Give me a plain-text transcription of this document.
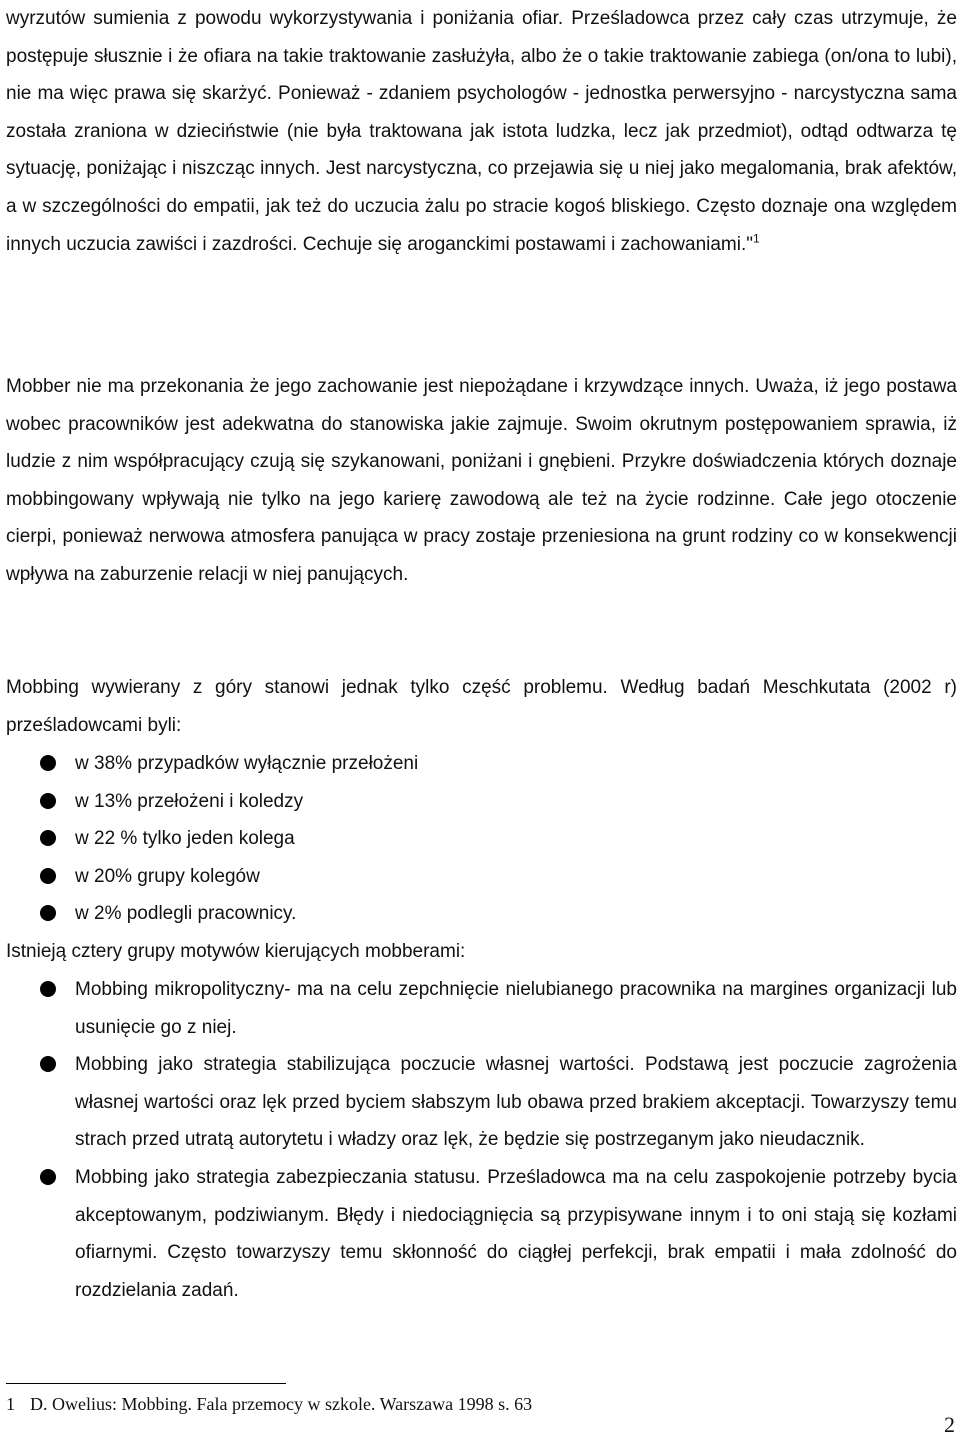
wyrzutów sumienia z powodu wykorzystywania i poniżania ofiar. Prześladowca przez cały czas utrzymuje, że postępuje słusznie i że ofiara na takie traktowanie zasłużyła, albo że o takie traktowanie zabiega (on/ona to lubi), nie ma więc prawa się skarżyć. Ponieważ - zdaniem psychologów - jednostka perwersyjno - narcystyczna sama została zraniona w dzieciństwie (nie była traktowana jak istota ludzka, lecz jak przedmiot), odtąd odtwarza tę sytuację, poniżając i niszcząc innych. Jest narcystyczna, co przejawia się u niej jako megalomania, brak afektów, a w szczególności do empatii, jak też do uczucia żalu po stracie kogoś bliskiego. Często doznaje ona względem innych uczucia zawiści i zazdrości. Cechuje się aroganckimi postawami i zachowaniami."$^1$

Mobber nie ma przekonania że jego zachowanie jest niepożądane i krzywdzące innych. Uważa, iż jego postawa wobec pracowników jest adekwatna do stanowiska jakie zajmuje. Swoim okrutnym postępowaniem sprawia, iż ludzie z nim współpracujący czują się szykanowani, poniżani i gnębieni. Przykre doświadczenia których doznaje mobbingowany wpływają nie tylko na jego karierę zawodową ale też na życie rodzinne. Całe jego otoczenie cierpi, ponieważ nerwowa atmosfera panująca w pracy zostaje przeniesiona na grunt rodziny co w konsekwencji wpływa na zaburzenie relacji w niej panujących.

Mobbing wywierany z góry stanowi jednak tylko część problemu. Według badań Meschkutata (2002 r) prześladowcami byli:

w 38% przypadków wyłącznie przełożeni
w 13% przełożeni i koledzy
w 22 % tylko jeden kolega
w 20% grupy kolegów
w 2% podlegli pracownicy.

Istnieją cztery grupy motywów kierujących mobberami:

Mobbing mikropolityczny- ma na celu zepchnięcie nielubianego pracownika na margines organizacji lub usunięcie go z niej.
Mobbing jako strategia stabilizująca poczucie własnej wartości. Podstawą jest poczucie zagrożenia własnej wartości oraz lęk przed byciem słabszym lub obawa przed brakiem akceptacji. Towarzyszy temu strach przed utratą autorytetu i władzy oraz lęk, że będzie się postrzeganym jako nieudacznik.
Mobbing jako strategia zabezpieczania statusu. Prześladowca ma na celu zaspokojenie potrzeby bycia akceptowanym, podziwianym. Błędy i niedociągnięcia są przypisywane innym i to oni stają się kozłami ofiarnymi. Często towarzyszy temu skłonność do ciągłej perfekcji, brak empatii i mała zdolność do rozdzielania zadań.

1 D. Owelius: Mobbing. Fala przemocy w szkole. Warszawa 1998 s. 63

2
